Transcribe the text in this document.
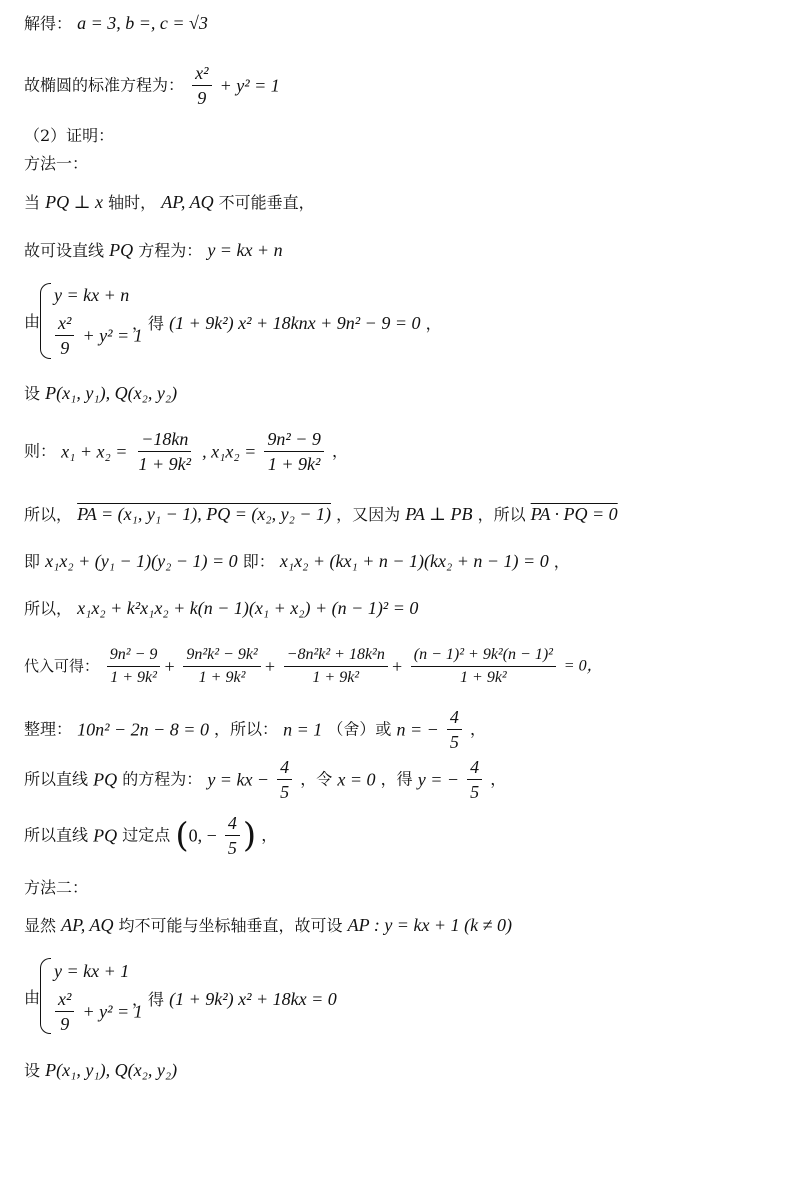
解得： a = 3, b =, c = √3
故椭圆的标准方程为： $\frac{\text{x²}}{9} + y^2 = 1$
（2）证明：
方法一：
当 PQ ⊥ x 轴时， AP, AQ 不可能垂直，
故可设直线 PQ 方程为： y = kx + n
由
y = kx + n
$\frac{\text{x²}}{9} + y^2 = 1$
，得 (1 + 9k²) x² + 18knx + 9n² − 9 = 0 ，
设 P(x₁, y₁), Q(x₂, y₂)
则： $x_1 + x_2 = \frac{-18kn}{\text{1 + 9k²}}$ , $x_1x_2 = \frac{\text{9n² − 9}}{\text{1 + 9k²}}$ ，
所以， PA = (x₁, y₁ − 1), PQ = (x₂, y₂ − 1) ，又因为 PA ⊥ PB ，所以 PA · PQ = 0
即 x₁x₂ + (y₁ − 1)(y₂ − 1) = 0 即： x₁x₂ + (kx₁ + n − 1)(kx₂ + n − 1) = 0 ，
所以， x₁x₂ + k²x₁x₂ + k(n − 1)(x₁ + x₂) + (n − 1)² = 0
代入可得： $\frac{\text{9n² − 9}}{\text{1 + 9k²}} + \frac{\text{9n²k² − 9k²}}{\text{1 + 9k²}} + \frac{\text{−8n²k² + 18k²n}}{\text{1 + 9k²}} + \frac{\text{(n − 1)² + 9k²(n − 1)²}}{\text{1 + 9k²}} = 0$，
整理： 10n² − 2n − 8 = 0 ，所以： n = 1 （舍）或 n = − $\frac{4}{5}$ ，
所以直线 PQ 的方程为： y = kx − $\frac{4}{5}$ ，令 x = 0 ，得 y = − $\frac{4}{5}$ ，
所以直线 PQ 过定点 (0, − $\frac{4}{5}$ ) ，
方法二：
显然 AP, AQ 均不可能与坐标轴垂直，故可设 AP : y = kx + 1 (k ≠ 0)
由
y = kx + 1
$\frac{\text{x²}}{9} + y^2 = 1$
，得 (1 + 9k²) x² + 18kx = 0
设 P(x₁, y₁), Q(x₂, y₂)
